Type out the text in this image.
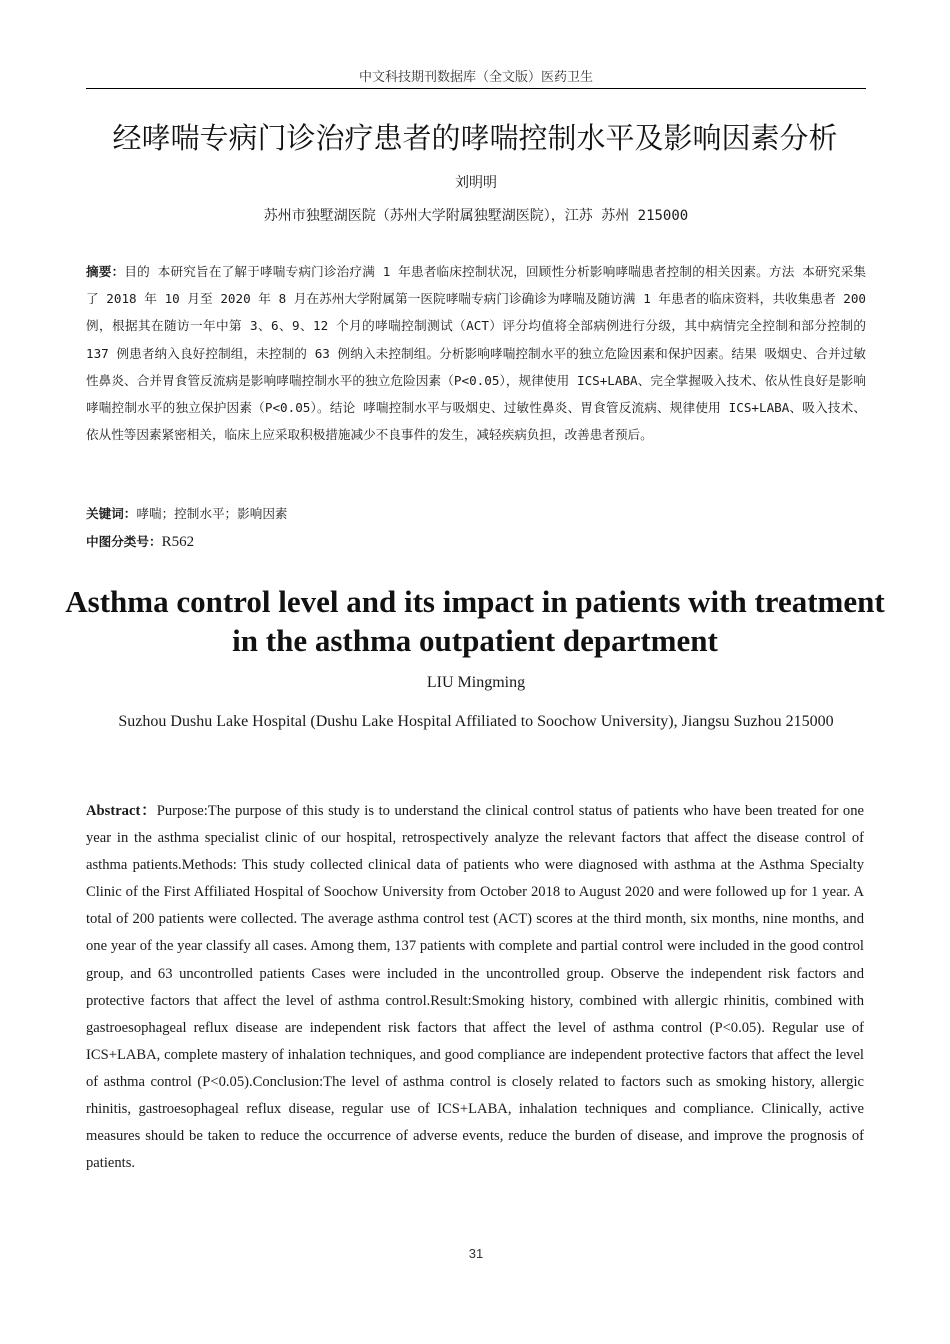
中文科技期刊数据库（全文版）医药卫生
经哮喘专病门诊治疗患者的哮喘控制水平及影响因素分析
刘明明
苏州市独墅湖医院（苏州大学附属独墅湖医院），江苏 苏州 215000
摘要：目的 本研究旨在了解于哮喘专病门诊治疗满 1 年患者临床控制状况，回顾性分析影响哮喘患者控制的相关因素。方法 本研究采集了 2018 年 10 月至 2020 年 8 月在苏州大学附属第一医院哮喘专病门诊确诊为哮喘及随访满 1 年患者的临床资料，共收集患者 200 例，根据其在随访一年中第 3、6、9、12 个月的哮喘控制测试（ACT）评分均值将全部病例进行分级，其中病情完全控制和部分控制的 137 例患者纳入良好控制组，未控制的 63 例纳入未控制组。分析影响哮喘控制水平的独立危险因素和保护因素。结果 吸烟史、合并过敏性鼻炎、合并胃食管反流病是影响哮喘控制水平的独立危险因素（P<0.05），规律使用 ICS+LABA、完全掌握吸入技术、依从性良好是影响哮喘控制水平的独立保护因素（P<0.05）。结论 哮喘控制水平与吸烟史、过敏性鼻炎、胃食管反流病、规律使用 ICS+LABA、吸入技术、依从性等因素紧密相关，临床上应采取积极措施减少不良事件的发生，减轻疾病负担，改善患者预后。
关键词：哮喘；控制水平；影响因素
中图分类号：R562
Asthma control level and its impact in patients with treatment in the asthma outpatient department
LIU Mingming
Suzhou Dushu Lake Hospital (Dushu Lake Hospital Affiliated to Soochow University), Jiangsu Suzhou 215000
Abstract：Purpose:The purpose of this study is to understand the clinical control status of patients who have been treated for one year in the asthma specialist clinic of our hospital, retrospectively analyze the relevant factors that affect the disease control of asthma patients.Methods: This study collected clinical data of patients who were diagnosed with asthma at the Asthma Specialty Clinic of the First Affiliated Hospital of Soochow University from October 2018 to August 2020 and were followed up for 1 year. A total of 200 patients were collected. The average asthma control test (ACT) scores at the third month, six months, nine months, and one year of the year classify all cases. Among them, 137 patients with complete and partial control were included in the good control group, and 63 uncontrolled patients Cases were included in the uncontrolled group. Observe the independent risk factors and protective factors that affect the level of asthma control.Result:Smoking history, combined with allergic rhinitis, combined with gastroesophageal reflux disease are independent risk factors that affect the level of asthma control (P<0.05). Regular use of ICS+LABA, complete mastery of inhalation techniques, and good compliance are independent protective factors that affect the level of asthma control (P<0.05).Conclusion:The level of asthma control is closely related to factors such as smoking history, allergic rhinitis, gastroesophageal reflux disease, regular use of ICS+LABA, inhalation techniques and compliance. Clinically, active measures should be taken to reduce the occurrence of adverse events, reduce the burden of disease, and improve the prognosis of patients.
31
